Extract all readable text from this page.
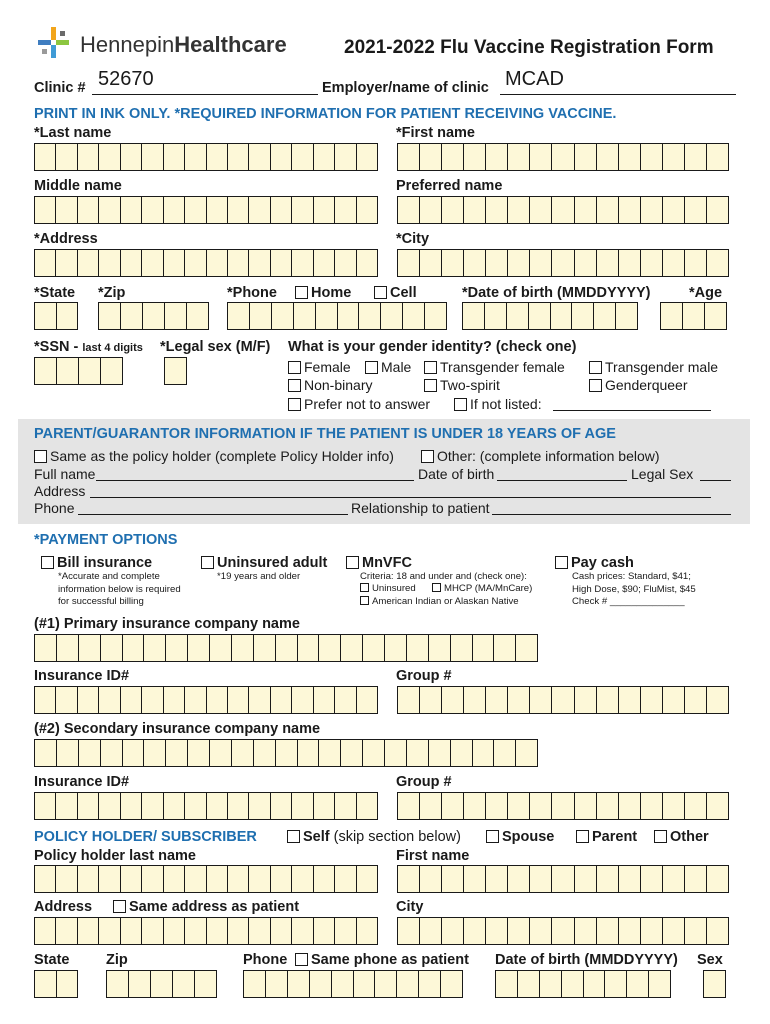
HennepinHealthcare	2021-2022 Flu Vaccine Registration Form
Clinic # 52670	Employer/name of clinic MCAD
PRINT IN INK ONLY. *REQUIRED INFORMATION FOR PATIENT RECEIVING VACCINE.
*Last name	*First name
Middle name	Preferred name
*Address	*City
*State *Zip	*Phone	Home	Cell	*Date of birth (MMDDYYYY)	*Age
*SSN - last 4 digits *Legal sex (M/F) What is your gender identity? (check one)
Female	Male	Transgender female	Transgender male
Non-binary	Two-spirit	Genderqueer
Prefer not to answer	If not listed:
PARENT/GUARANTOR INFORMATION IF THE PATIENT IS UNDER 18 YEARS OF AGE
Same as the policy holder (complete Policy Holder info)	Other: (complete information below)
Full name	Date of birth	Legal Sex
Address
Phone	Relationship to patient
*PAYMENT OPTIONS
Bill insurance
*Accurate and complete information below is required for successful billing
Uninsured adult
*19 years and older
MnVFC
Criteria: 18 and under and (check one):
Uninsured	MHCP (MA/MnCare)
American Indian or Alaskan Native
Pay cash
Cash prices: Standard, $41; High Dose, $90; FluMist, $45
Check # ______________
(#1) Primary insurance company name
Insurance ID#	Group #
(#2) Secondary insurance company name
Insurance ID#	Group #
POLICY HOLDER/ SUBSCRIBER	Self (skip section below)	Spouse	Parent	Other
Policy holder last name	First name
Address	Same address as patient	City
State	Zip	Phone	Same phone as patient Date of birth (MMDDYYYY) Sex
